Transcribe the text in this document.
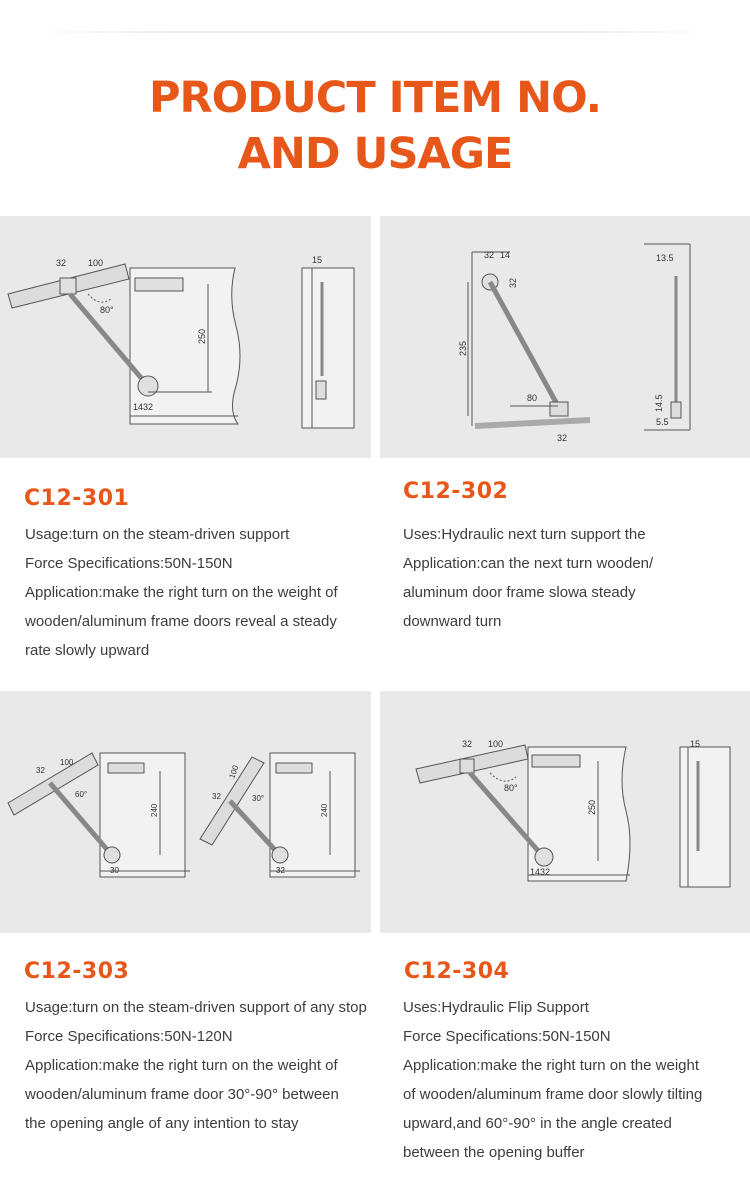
PRODUCT ITEM NO.
AND USAGE
32 100
80°
250
1432
15	32 14
32
235
80
32
13.5
14.5
5.5
C12-301
Usage:turn on the steam-driven support
Force Specifications:50N-150N
Application:make the right turn on the weight of
wooden/aluminum frame doors reveal a steady
rate slowly upward
C12-302
Uses:Hydraulic next turn support the
Application:can the next turn wooden/
aluminum door frame slowa steady
downward turn
32
100
60°
240
30
100
32	30°
240
32
32 100
80°
250
1432
15
C12-303
Usage:turn on the steam-driven support of any stop
Force Specifications:50N-120N
Application:make the right turn on the weight of
wooden/aluminum frame door 30°-90° between
the opening angle of any intention to stay
C12-304
Uses:Hydraulic Flip Support
Force Specifications:50N-150N
Application:make the right turn on the weight
of wooden/aluminum frame door slowly tilting
upward,and 60°-90° in the angle created
between the opening buffer
